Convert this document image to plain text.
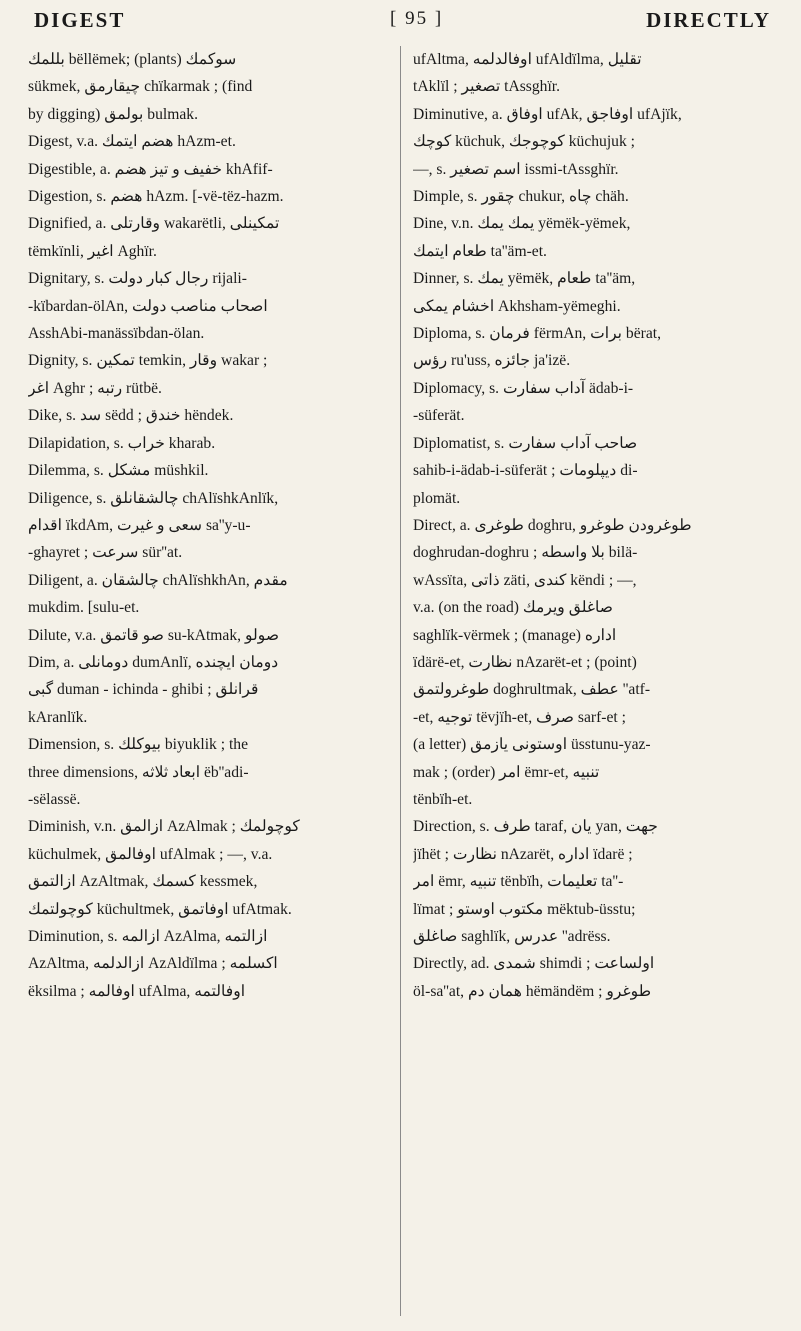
DIGEST	[ 95 ]	DIRECTLY
بللمك bëllëmek; (plants) سوكمك
sükmek, چیقارمق chïkarmak ; (find
by digging) بولمق bulmak.
Digest, v.a. هضم ايتمك hAzm-et.
Digestible, a. خفيف و تيز هضم khAfif-
Digestion, s. هضم hAzm. [-vë-tëz-hazm.
Dignified, a. وقارتلى wakarëtli, تمكينلى
tëmkïnli, اغير Aghïr.
Dignitary, s. رجال كبار دولت rijali-
-kïbardan-ölAn, اصحاب مناصب دولت
AsshAbi-manässïbdan-ölan.
Dignity, s. تمكين temkin, وقار wakar ;
اغر Aghr ; رتبه rütbë.
Dike, s. سد sëdd ; خندق hëndek.
Dilapidation, s. خراب kharab.
Dilemma, s. مشكل müshkil.
Diligence, s. چالشقانلق chAlïshkAnlïk,
اقدام ïkdAm, سعى و غيرت sa''y-u-
-ghayret ; سرعت sür''at.
Diligent, a. چالشقان chAlïshkhAn, مقدم
mukdim. [sulu-et.
Dilute, v.a. صو قاتمق su-kAtmak, صولو
Dim, a. دومانلى dumAnlï, دومان ايچنده
گبى duman - ichinda - ghibi ; قرانلق
kAranlïk.
Dimension, s. بيوكلك biyuklik ; the
three dimensions, ابعاد ثلاثه ëb''adi-
-sëlassë.
Diminish, v.n. ازالمق AzAlmak ; كوچولمك
küchulmek, اوفالمق ufAlmak ; —, v.a.
ازالتمق AzAltmak, كسمك kessmek,
كوچولتمك küchultmek, اوفاتمق ufAtmak.
Diminution, s. ازالمه AzAlma, ازالتمه
AzAltma, ازالدلمه AzAldïlma ; اكسلمه
ëksilma ; اوفالمه ufAlma, اوفالتمه
ufAltma, اوفالدلمه ufAldïlma, تقليل
tAklïl ; تصغير tAssghïr.
Diminutive, a. اوفاق ufAk, اوفاجق ufAjïk,
كوچك küchuk, كوچوجك küchujuk ;
—, s. اسم تصغير issmi-tAssghïr.
Dimple, s. چقور chukur, چاه chäh.
Dine, v.n. يمك يمك yëmëk-yëmek,
طعام ايتمك ta''äm-et.
Dinner, s. يمك yëmëk, طعام ta''äm,
اخشام يمكى Akhsham-yëmeghi.
Diploma, s. فرمان fërmAn, برات bërat,
رؤس ru'uss, جائزه ja'izë.
Diplomacy, s. آداب سفارت ädab-i-
-süferät.
Diplomatist, s. صاحب آداب سفارت
sahib-i-ädab-i-süferät ; ديپلومات di-
plomät.
Direct, a. طوغرى doghru, طوغرودن طوغرو
doghrudan-doghru ; بلا واسطه bilä-
wAssïta, ذاتى zäti, كندى këndi ; —,
v.a. (on the road) صاغلق ويرمك
saghlïk-vërmek ; (manage) اداره
ïdärë-et, نظارت nAzarët-et ; (point)
طوغرولتمق doghrultmak, عطف ''atf-
-et, توجيه tëvjïh-et, صرف sarf-et ;
(a letter) اوستونى يازمق üsstunu-yaz-
mak ; (order) امر ëmr-et, تنبيه
tënbïh-et.
Direction, s. طرف taraf, يان yan, جهت
jïhët ; نظارت nAzarët, اداره ïdarë ;
امر ëmr, تنبيه tënbïh, تعليمات ta''-
lïmat ; مكتوب اوستو mëktub-üsstu;
صاغلق saghlïk, عدرس ''adrëss.
Directly, ad. شمدى shimdi ; اولساعت
öl-sa''at, همان دم hëmändëm ; طوغرو
